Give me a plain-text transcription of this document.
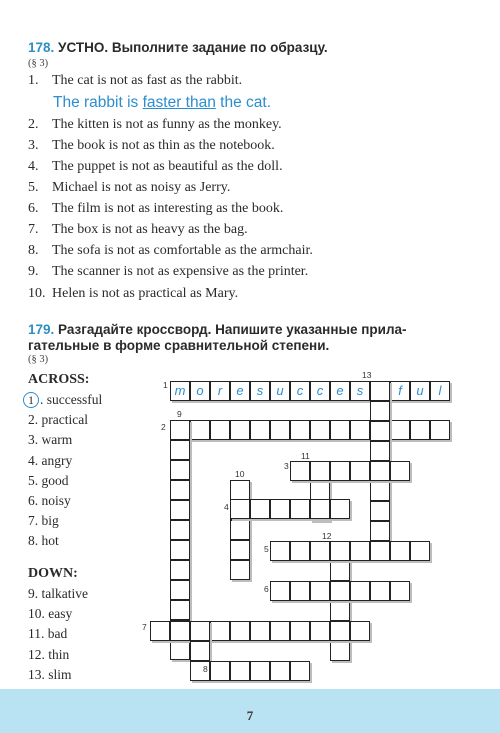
178. УСТНО. Выполните задание по образцу.
(§ 3)
1. The cat is not as fast as the rabbit.
2. The kitten is not as funny as the monkey.
3. The book is not as thin as the notebook.
4. The puppet is not as beautiful as the doll.
5. Michael is not as noisy as Jerry.
6. The film is not as interesting as the book.
7. The box is not as heavy as the bag.
8. The sofa is not as comfortable as the armchair.
9. The scanner is not as expensive as the printer.
10. Helen is not as practical as Mary.
The rabbit is faster than the cat.
179. Разгадайте кроссворд. Напишите указанные прила-
гательные в форме сравнительной степени.
(§ 3)
ACROSS:
1 . successful
2. practical
3. warm
4. angry
5. good
6. noisy
7. big
8. hot
DOWN:
9. talkative
10. easy
11. bad
12. thin
13. slim
m o	r	e	s	u	c	c	e	s	f	u	l
1
2
3
4
5
6
7
8
9
10
11
12
13
7
